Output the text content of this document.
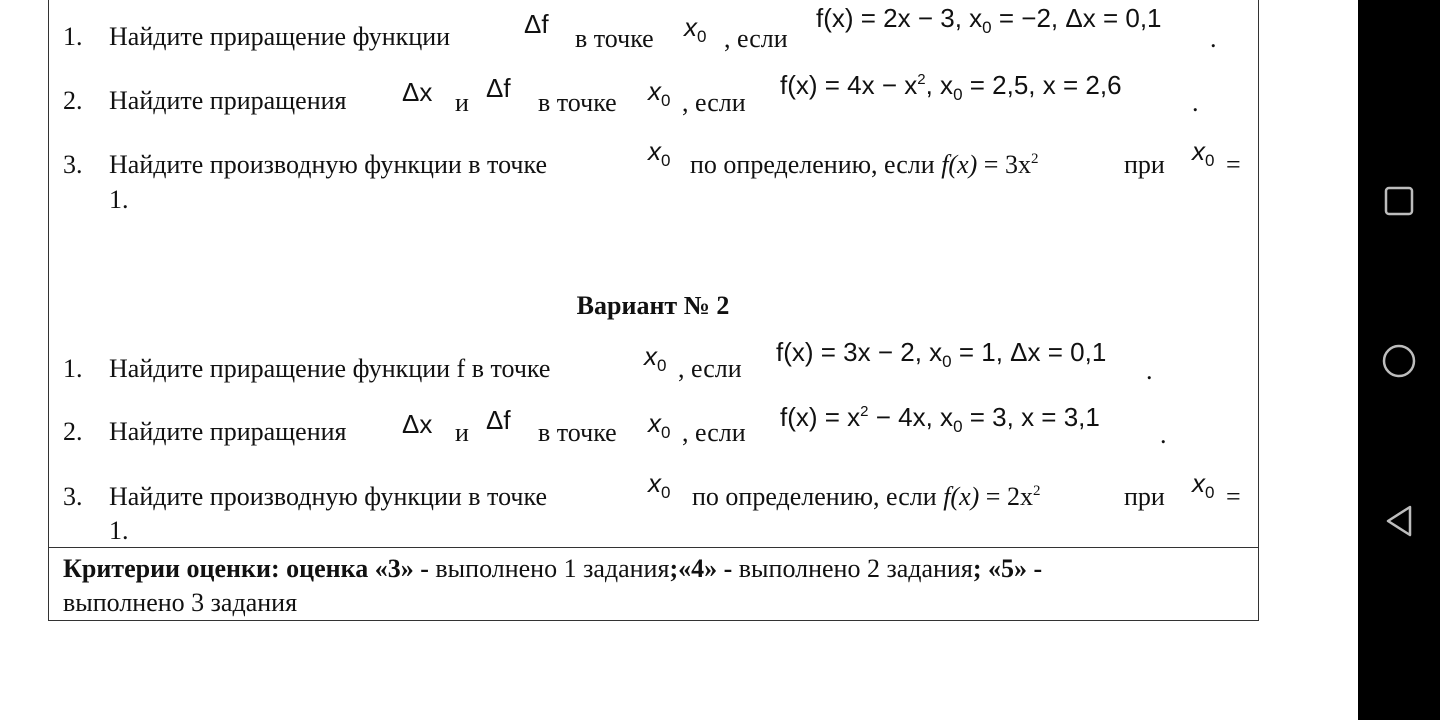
1. Найдите приращение функции	Δf в точке $x_0$ , если
f(x) = 2x − 3, $x_0 = -2$, Δx = 0,1
.
2. Найдите приращения Δx и Δf в точке $x_0$ , если
$f(x) = 4x - x^2$, $x_0 = 2,5$, x = 2,6
.
3. Найдите производную функции в точке	$x_0$ по определению, если $f(x) = 3x^2$	при $x_0$ =
1.
Вариант № 2
1. Найдите приращение функции f в точке	$x_0$ , если
f(x) = 3x − 2, $x_0 = 1$, Δx = 0,1
.
2. Найдите приращения Δx и Δf в точке $x_0$ , если
$f(x) = x^2 - 4x$, $x_0 = 3$, x = 3,1
.
3. Найдите производную функции в точке	$x_0$ по определению, если $f(x) = 2x^2$	при $x_0$ =
1.
Критерии оценки: оценка «3» - выполнено 1 задания;«4» - выполнено 2 задания; «5» -
выполнено 3 задания
